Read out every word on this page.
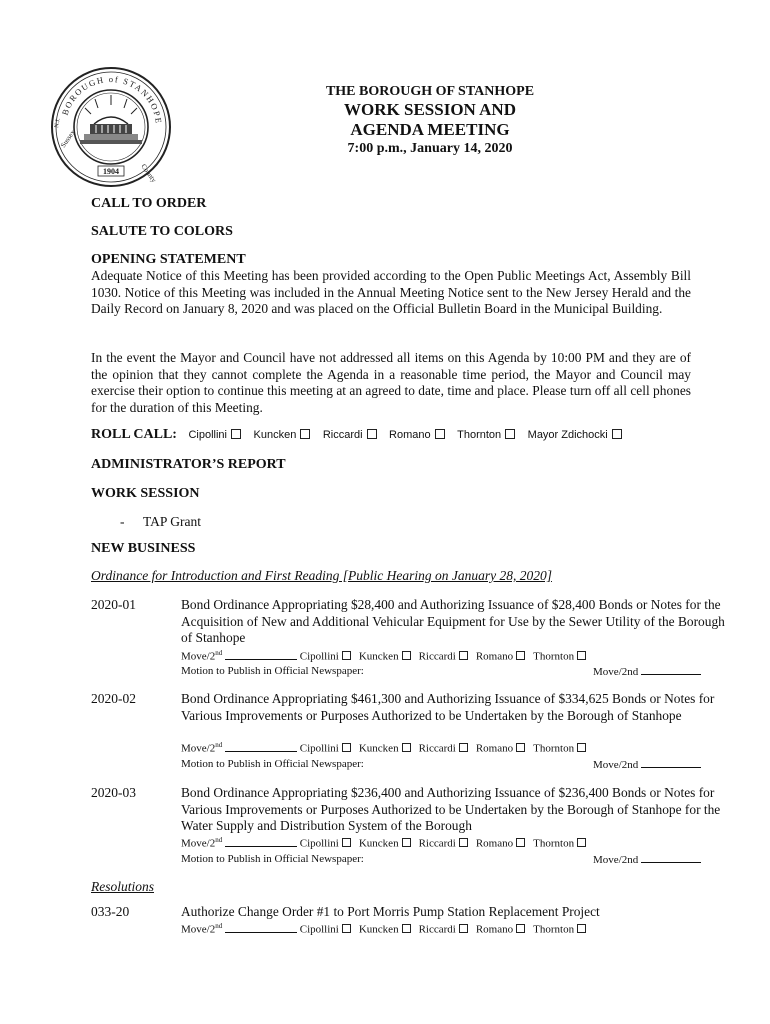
BOROUGH of STANHOPE
Sussex
County
N.J.
1904
THE BOROUGH OF STANHOPE
WORK SESSION AND
AGENDA MEETING
7:00 p.m., January 14, 2020
CALL TO ORDER
SALUTE TO COLORS
OPENING STATEMENT
Adequate Notice of this Meeting has been provided according to the Open Public Meetings Act, Assembly Bill 1030. Notice of this Meeting was included in the Annual Meeting Notice sent to the New Jersey Herald and the Daily Record on January 8, 2020 and was placed on the Official Bulletin Board in the Municipal Building.
In the event the Mayor and Council have not addressed all items on this Agenda by 10:00 PM and they are of the opinion that they cannot complete the Agenda in a reasonable time period, the Mayor and Council may exercise their option to continue this meeting at an agreed to date, time and place. Please turn off all cell phones for the duration of this Meeting.
ROLL CALL: Cipollini Kuncken Riccardi Romano Thornton Mayor Zdichocki
ADMINISTRATOR’S REPORT
WORK SESSION
- TAP Grant
NEW BUSINESS
Ordinance for Introduction and First Reading [Public Hearing on January 28, 2020]
2020-01	Bond Ordinance Appropriating $28,400 and Authorizing Issuance of $28,400 Bonds or Notes for the Acquisition of New and Additional Vehicular Equipment for Use by the Sewer Utility of the Borough of Stanhope
Move/2nd	Cipollini Kuncken Riccardi Romano Thornton
Motion to Publish in Official Newspaper:	Move/2nd
2020-02	Bond Ordinance Appropriating $461,300 and Authorizing Issuance of $334,625 Bonds or Notes for Various Improvements or Purposes Authorized to be Undertaken by the Borough of Stanhope
Move/2nd	Cipollini Kuncken Riccardi Romano Thornton
Motion to Publish in Official Newspaper:	Move/2nd
2020-03	Bond Ordinance Appropriating $236,400 and Authorizing Issuance of $236,400 Bonds or Notes for Various Improvements or Purposes Authorized to be Undertaken by the Borough of Stanhope for the Water Supply and Distribution System of the Borough
Move/2nd	Cipollini Kuncken Riccardi Romano Thornton
Motion to Publish in Official Newspaper:	Move/2nd
Resolutions
033-20	Authorize Change Order #1 to Port Morris Pump Station Replacement Project
Move/2nd	Cipollini Kuncken Riccardi Romano Thornton
